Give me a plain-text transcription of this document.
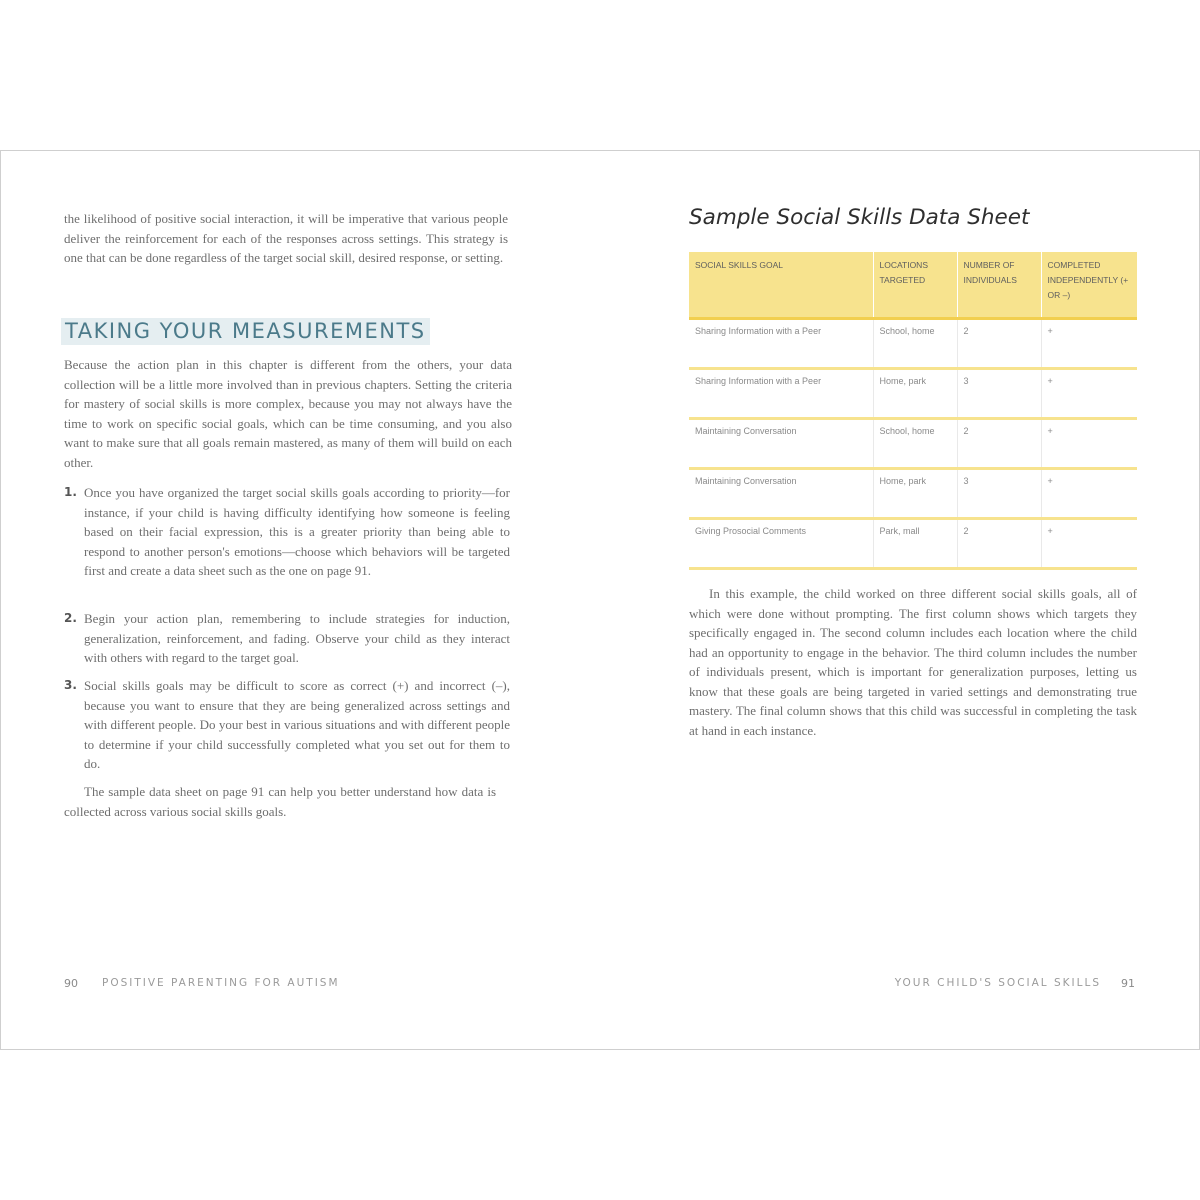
the likelihood of positive social interaction, it will be imperative that various people deliver the reinforcement for each of the responses across settings. This strategy is one that can be done regardless of the target social skill, desired response, or setting.

TAKING YOUR MEASUREMENTS

Because the action plan in this chapter is different from the others, your data collection will be a little more involved than in previous chapters. Setting the criteria for mastery of social skills is more complex, because you may not always have the time to work on specific social goals, which can be time consuming, and you also want to make sure that all goals remain mastered, as many of them will build on each other.

1. Once you have organized the target social skills goals according to priority—for instance, if your child is having difficulty identifying how someone is feeling based on their facial expression, this is a greater priority than being able to respond to another person's emotions—choose which behaviors will be targeted first and create a data sheet such as the one on page 91.

2. Begin your action plan, remembering to include strategies for induction, generalization, reinforcement, and fading. Observe your child as they interact with others with regard to the target goal.

3. Social skills goals may be difficult to score as correct (+) and incorrect (–), because you want to ensure that they are being generalized across settings and with different people. Do your best in various situations and with different people to determine if your child successfully completed what you set out for them to do.

The sample data sheet on page 91 can help you better understand how data is collected across various social skills goals.

90 POSITIVE PARENTING FOR AUTISM
Sample Social Skills Data Sheet
SOCIAL SKILLS GOAL	LOCATIONS TARGETED	NUMBER OF INDIVIDUALS	COMPLETED INDEPENDENTLY (+ OR –)
Sharing Information with a Peer	School, home	2	+
Sharing Information with a Peer	Home, park	3	+
Maintaining Conversation	School, home	2	+
Maintaining Conversation	Home, park	3	+
Giving Prosocial Comments	Park, mall	2	+

In this example, the child worked on three different social skills goals, all of which were done without prompting. The first column shows which targets they specifically engaged in. The second column includes each location where the child had an opportunity to engage in the behavior. The third column includes the number of individuals present, which is important for generalization purposes, letting us know that these goals are being targeted in varied settings and demonstrating true mastery. The final column shows that this child was successful in completing the task at hand in each instance.

YOUR CHILD'S SOCIAL SKILLS 91
